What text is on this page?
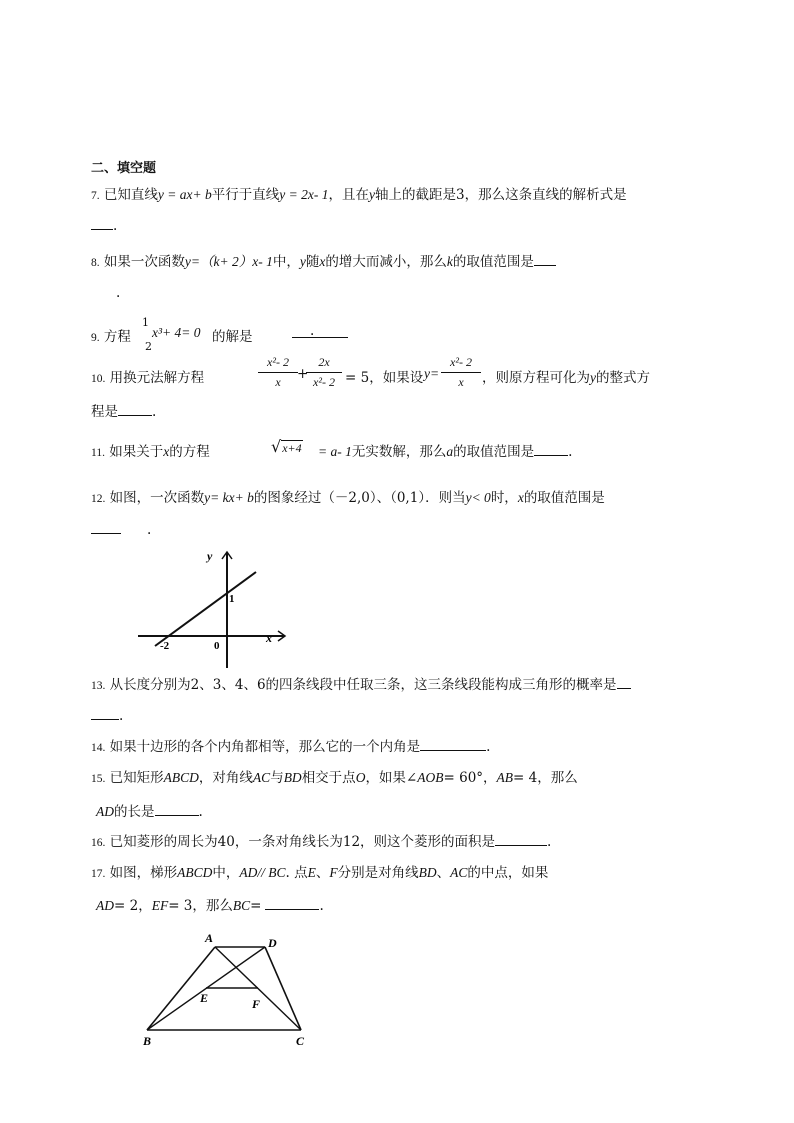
二、填空题
7. 已知直线y = ax+ b平行于直线y = 2x- 1，且在y轴上的截距是3，那么这条直线的解析式是
.
8. 如果一次函数y=（k+ 2）x- 1中，y随x的增大而减小，那么k的取值范围是
.
9. 方程
1
2
x³+ 4= 0 的解是	.
10. 用换元法解方程
x²- 2
x	+
2x
x²- 2 = 5，如果设 y=
x²- 2
x	，则原方程可化为y的整式方
程是	.
11. 如果关于x的方程	√x+4 = a- 1无实数解，那么a的取值范围是	.
12. 如图，一次函数y= kx+ b的图象经过（－2,0）、（0,1）．则当y< 0时，x的取值范围是
.
y
x
1
-2	0
13. 从长度分别为2、3、4、6的四条线段中任取三条，这三条线段能构成三角形的概率是
.
14. 如果十边形的各个内角都相等，那么它的一个内角是	.
15. 已知矩形ABCD，对角线AC与BD相交于点O，如果∠AOB= 60°，AB= 4，那么
AD的长是	.
16. 已知菱形的周长为40，一条对角线长为12，则这个菱形的面积是	.
17. 如图，梯形ABCD中，AD// BC. 点E、F分别是对角线BD、AC的中点，如果
AD= 2，EF= 3，那么BC=	.
A	D
B	C
E	F
